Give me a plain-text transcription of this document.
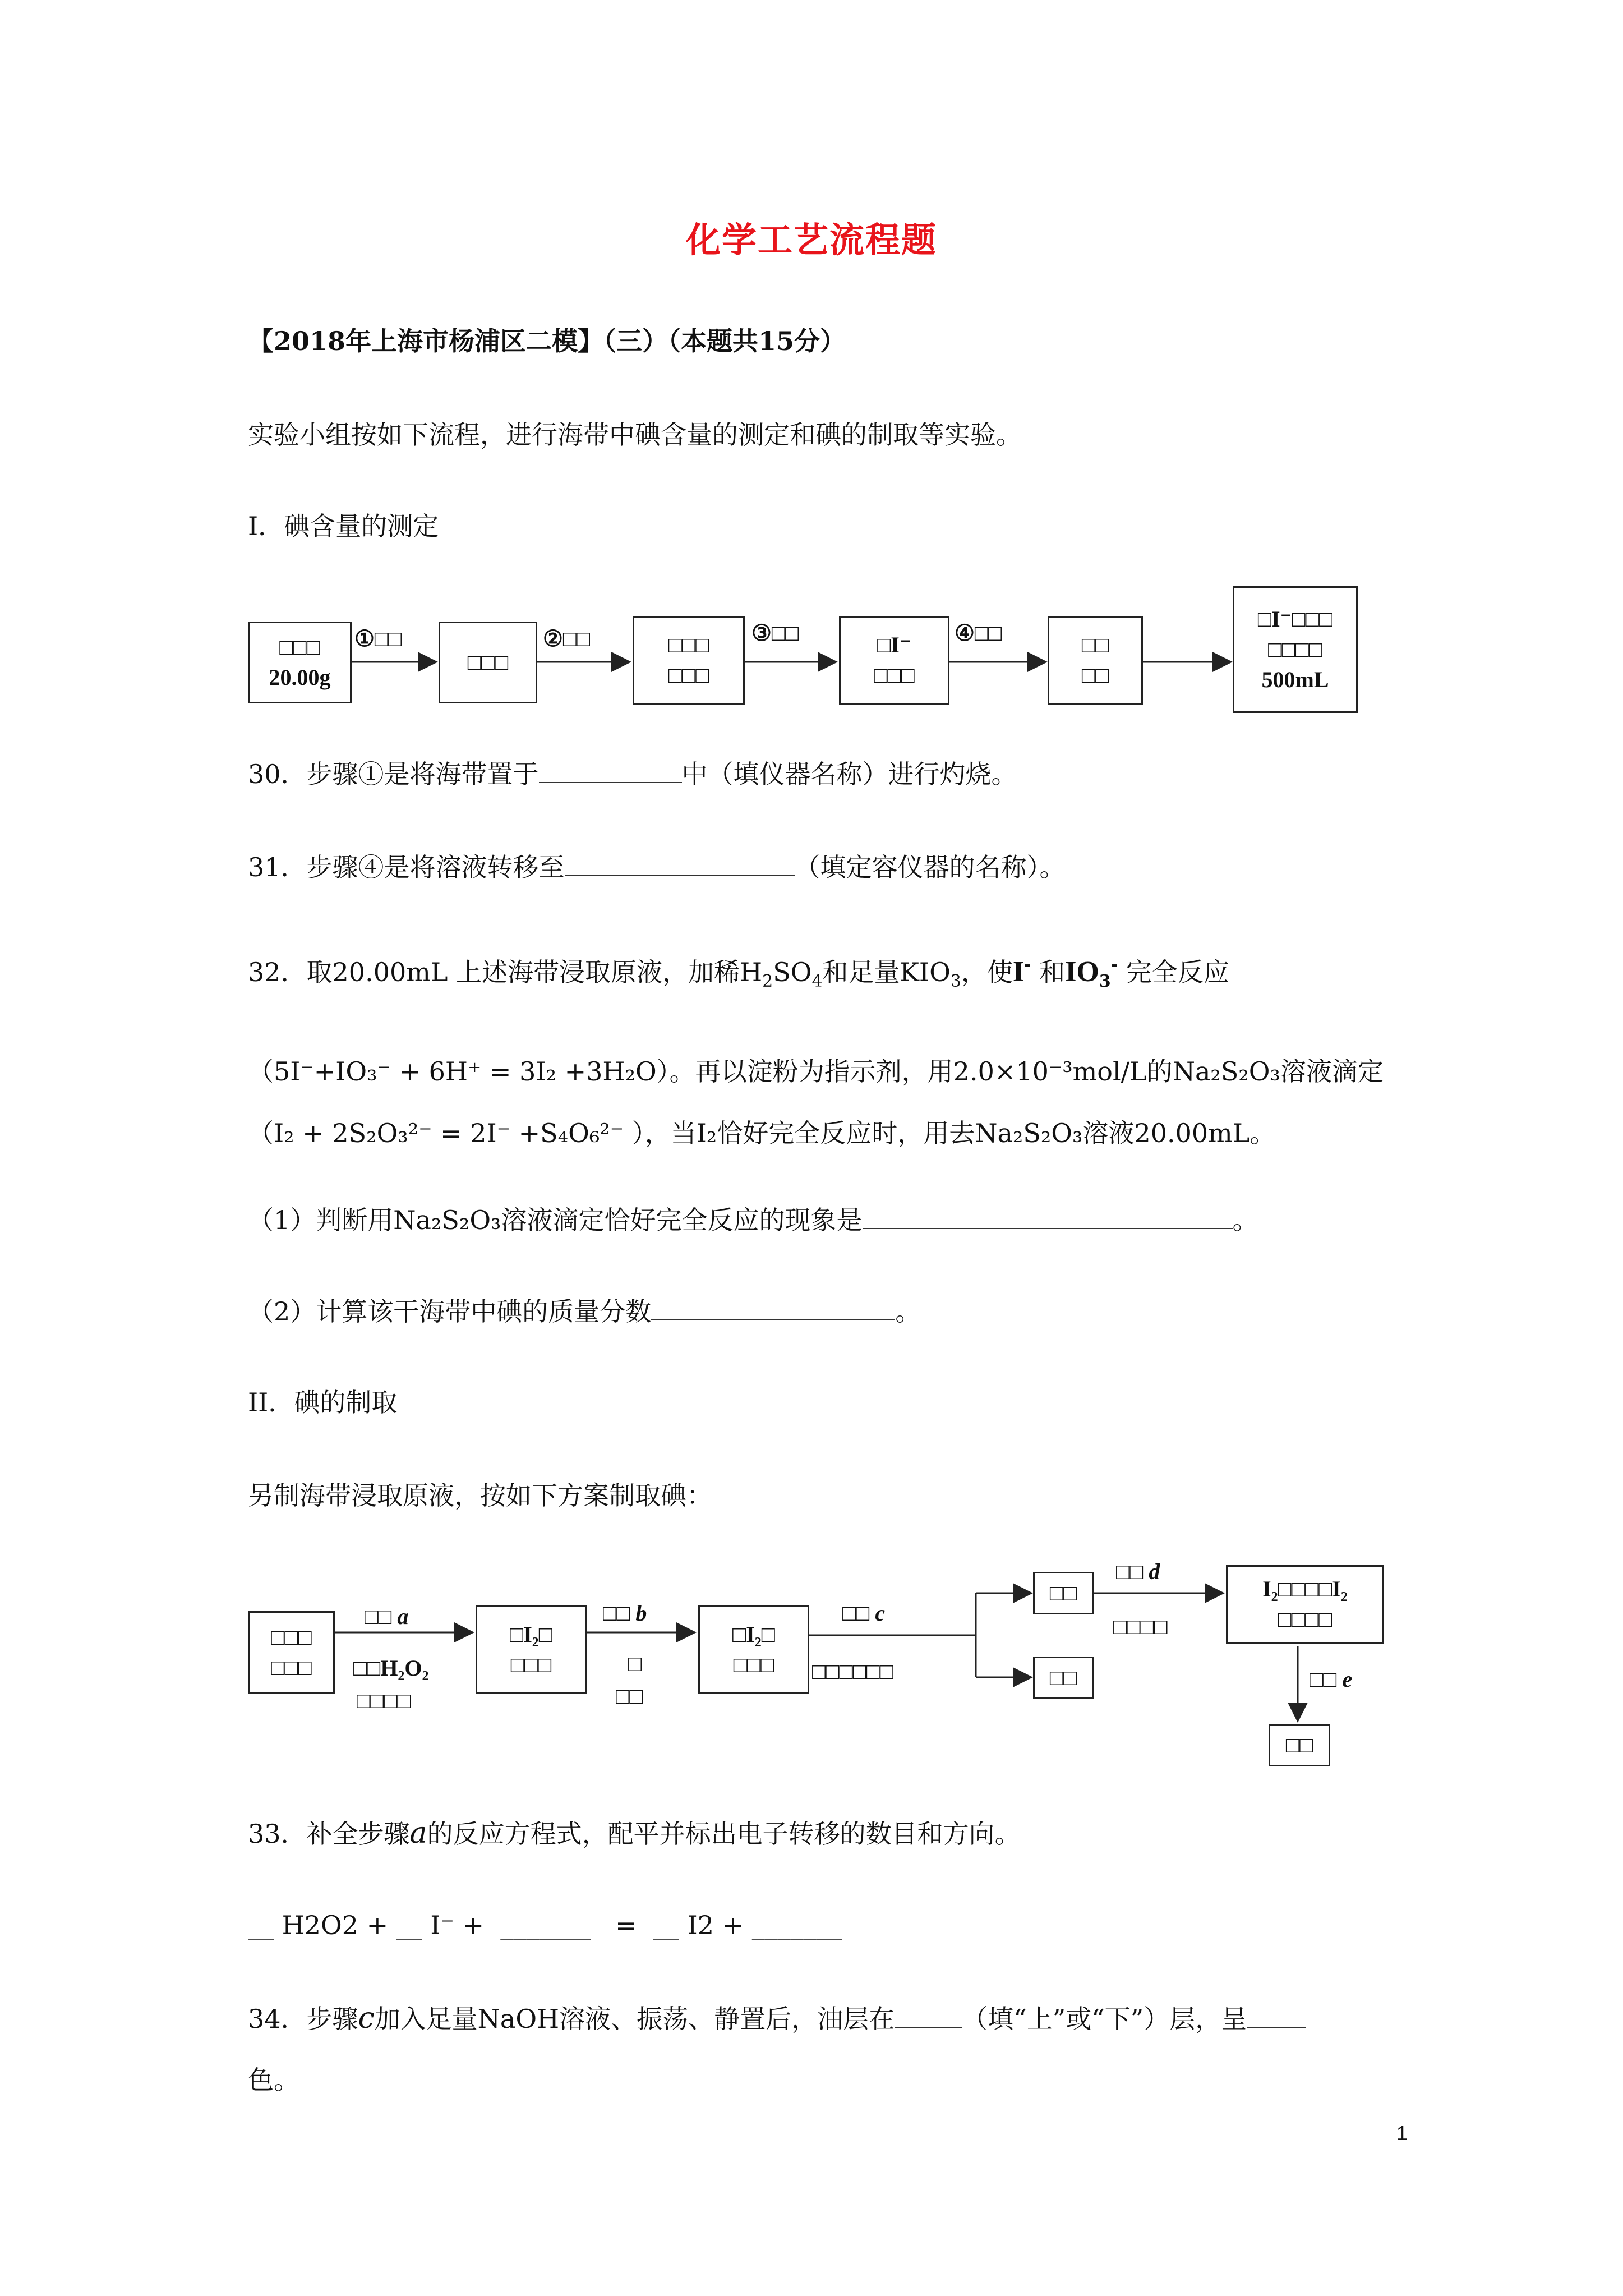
化学工艺流程题
【2018年上海市杨浦区二模】（三）（本题共15分）
实验小组按如下流程，进行海带中碘含量的测定和碘的制取等实验。
I．碘含量的测定
□□□
20.00g
□□□
□□□
□□□
□I⁻
□□□
□□
□□
□I⁻□□□
□□□□
500mL
①□□	②□□	③□□	④□□
30．步骤①是将海带置于	中（填仪器名称）进行灼烧。
31．步骤④是将溶液转移至	（填定容仪器的名称）。
32．取20.00mL 上述海带浸取原液，加稀$H_2SO_4$和足量$KIO_3$，使I- 和$IO_3^-$ 完全反应
（5I⁻+IO₃⁻ + 6H⁺ = 3I₂ +3H₂O）。再以淀粉为指示剂，用2.0×10⁻³mol/L的Na₂S₂O₃溶液滴定
（I₂ + 2S₂O₃²⁻ = 2I⁻ +S₄O₆²⁻ ），当I₂恰好完全反应时，用去Na₂S₂O₃溶液20.00mL。
（1）判断用Na₂S₂O₃溶液滴定恰好完全反应的现象是	。
（2）计算该干海带中碘的质量分数	。
II．碘的制取
另制海带浸取原液，按如下方案制取碘：
□□□
□□□
□I₂□
□□□
□I₂□
□□□
□□
□□
I₂□□□□I₂
□□□□
□□
□□ a
□□H₂O₂
□□□□
□□ b
□
□□
□□ c
□□□□□□
□□ d
□□□□
□□ e
33．补全步骤a的反应方程式，配平并标出电子转移的数目和方向。
__ H2O2 + __ I⁻ +  _______   =  __ I2 + _______
34．步骤c加入足量NaOH溶液、振荡、静置后，油层在	（填“上”或“下”）层，呈
色。
1
